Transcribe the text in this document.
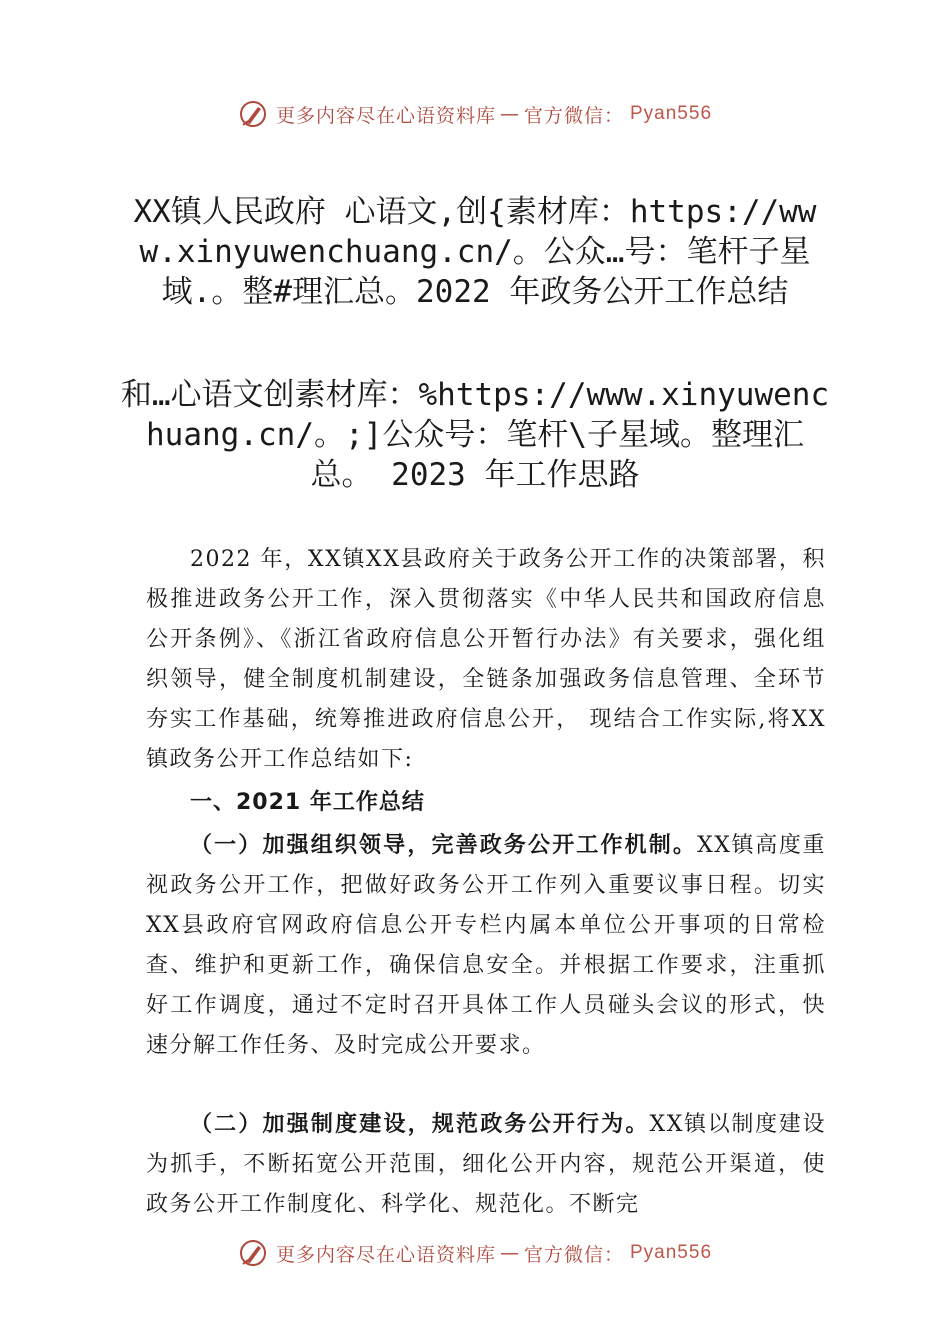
更多内容尽在心语资料库 — 官方微信： Pyan556
XX镇人民政府 心语文,创{素材库：https://www.xinyuwenchuang.cn/。公众…号：笔杆子星域.。整#理汇总。2022 年政务公开工作总结
和…心语文创素材库：%https://www.xinyuwenchuang.cn/。;]公众号：笔杆\子星域。整理汇总。 2023 年工作思路

2022 年，XX镇XX县政府关于政务公开工作的决策部署，积极推进政务公开工作，深入贯彻落实《中华人民共和国政府信息公开条例》、《浙江省政府信息公开暂行办法》有关要求，强化组织领导，健全制度机制建设，全链条加强政务信息管理、全环节夯实工作基础，统筹推进政府信息公开， 现结合工作实际,将XX镇政务公开工作总结如下:

一、2021 年工作总结

（一）加强组织领导，完善政务公开工作机制。XX镇高度重视政务公开工作，把做好政务公开工作列入重要议事日程。切实XX县政府官网政府信息公开专栏内属本单位公开事项的日常检查、维护和更新工作，确保信息安全。并根据工作要求，注重抓好工作调度，通过不定时召开具体工作人员碰头会议的形式，快速分解工作任务、及时完成公开要求。

（二）加强制度建设，规范政务公开行为。XX镇以制度建设为抓手，不断拓宽公开范围，细化公开内容，规范公开渠道，使政务公开工作制度化、科学化、规范化。不断完

更多内容尽在心语资料库 — 官方微信： Pyan556
